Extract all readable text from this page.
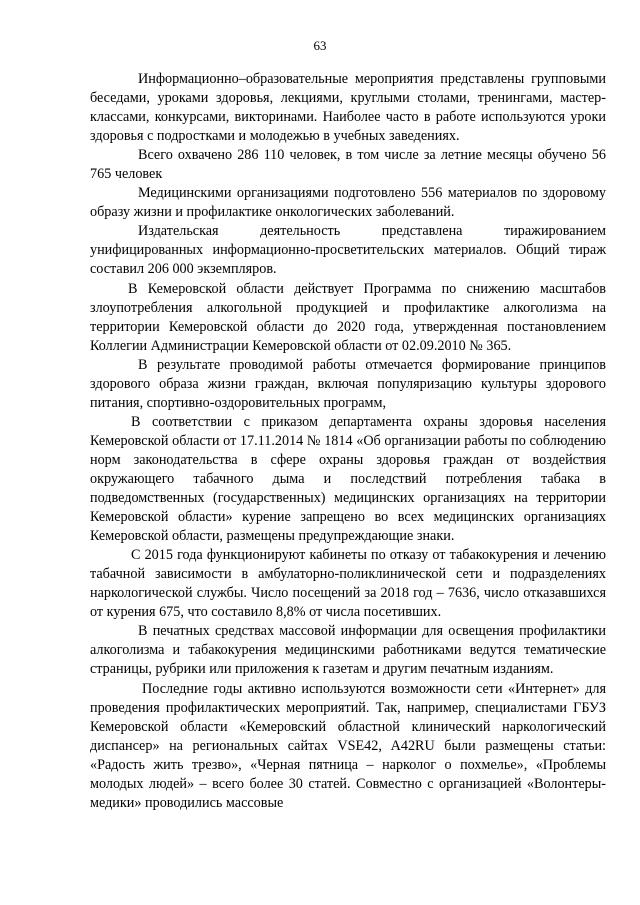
63

Информационно–образовательные мероприятия представлены групповыми беседами, уроками здоровья, лекциями, круглыми столами, тренингами, мастер-классами, конкурсами, викторинами. Наиболее часто в работе используются уроки здоровья с подростками и молодежью в учебных заведениях.

Всего охвачено 286 110 человек, в том числе за летние месяцы обучено 56 765 человек

Медицинскими организациями подготовлено 556 материалов по здоровому образу жизни и профилактике онкологических заболеваний.

Издательская деятельность представлена тиражированием унифицированных информационно-просветительских материалов. Общий тираж составил 206 000 экземпляров.

В Кемеровской области действует Программа по снижению масштабов злоупотребления алкогольной продукцией и профилактике алкоголизма на территории Кемеровской области до 2020 года, утвержденная постановлением Коллегии Администрации Кемеровской области от 02.09.2010 № 365.

В результате проводимой работы отмечается формирование принципов здорового образа жизни граждан, включая популяризацию культуры здорового питания, спортивно-оздоровительных программ,

В соответствии с приказом департамента охраны здоровья населения Кемеровской области от 17.11.2014 № 1814 «Об организации работы по соблюдению норм законодательства в сфере охраны здоровья граждан от воздействия окружающего табачного дыма и последствий потребления табака в подведомственных (государственных) медицинских организациях на территории Кемеровской области» курение запрещено во всех медицинских организациях Кемеровской области, размещены предупреждающие знаки.

С 2015 года функционируют кабинеты по отказу от табакокурения и лечению табачной зависимости в амбулаторно-поликлинической сети и подразделениях наркологической службы. Число посещений за 2018 год – 7636, число отказавшихся от курения 675, что составило 8,8% от числа посетивших.

В печатных средствах массовой информации для освещения профилактики алкоголизма и табакокурения медицинскими работниками ведутся тематические страницы, рубрики или приложения к газетам и другим печатным изданиям.

Последние годы активно используются возможности сети «Интернет» для проведения профилактических мероприятий. Так, например, специалистами ГБУЗ Кемеровской области «Кемеровский областной клинический наркологический диспансер» на региональных сайтах VSE42, A42RU были размещены статьи: «Радость жить трезво», «Черная пятница – нарколог о похмелье», «Проблемы молодых людей» – всего более 30 статей. Совместно с организацией «Волонтеры-медики» проводились массовые
